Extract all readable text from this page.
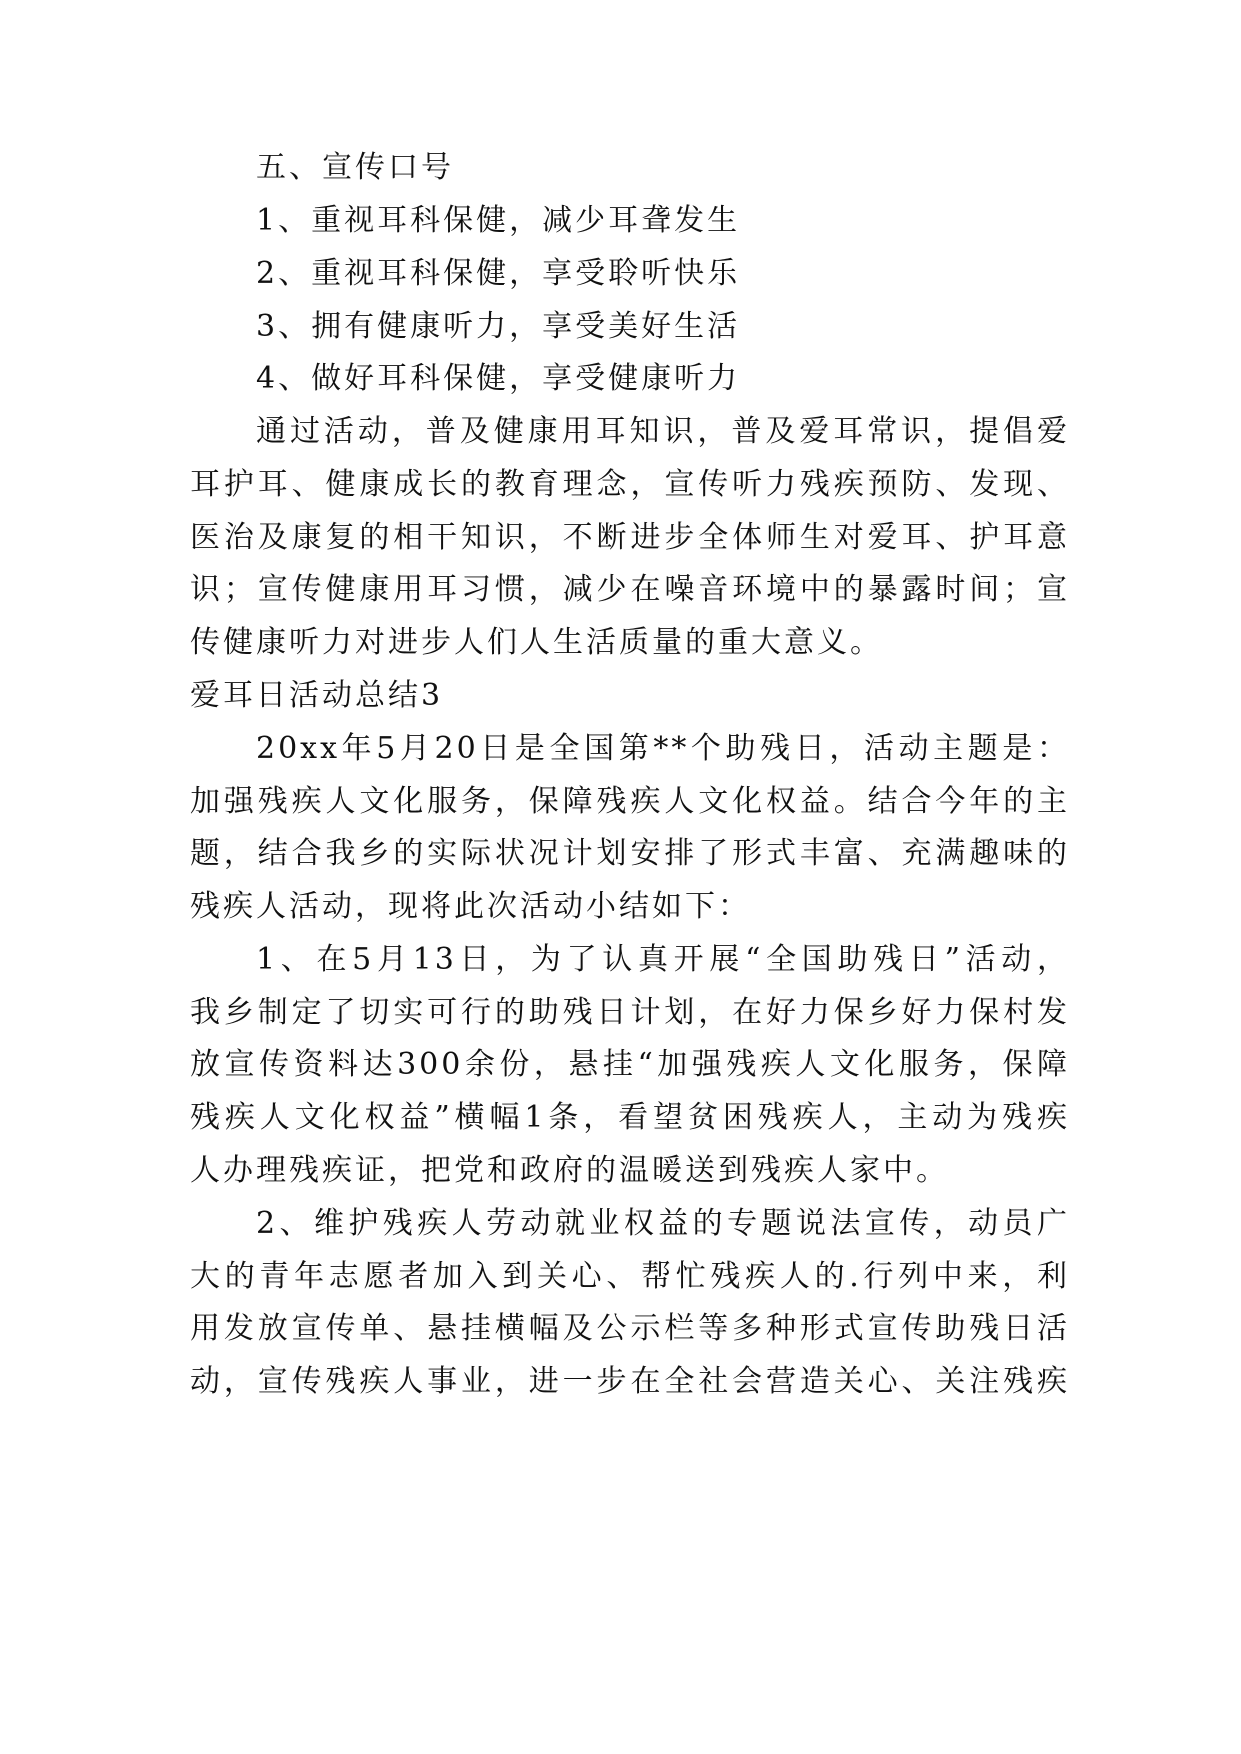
五、宣传口号
1、重视耳科保健，减少耳聋发生
2、重视耳科保健，享受聆听快乐
3、拥有健康听力，享受美好生活
4、做好耳科保健，享受健康听力
通过活动，普及健康用耳知识，普及爱耳常识，提倡爱
耳护耳、健康成长的教育理念，宣传听力残疾预防、发现、
医治及康复的相干知识，不断进步全体师生对爱耳、护耳意
识；宣传健康用耳习惯，减少在噪音环境中的暴露时间；宣
传健康听力对进步人们人生活质量的重大意义。
爱耳日活动总结3
20xx年5月20日是全国第**个助残日，活动主题是：
加强残疾人文化服务，保障残疾人文化权益。结合今年的主
题，结合我乡的实际状况计划安排了形式丰富、充满趣味的
残疾人活动，现将此次活动小结如下：
1、在5月13日，为了认真开展“全国助残日”活动，
我乡制定了切实可行的助残日计划，在好力保乡好力保村发
放宣传资料达300余份，悬挂“加强残疾人文化服务，保障
残疾人文化权益”横幅1条，看望贫困残疾人，主动为残疾
人办理残疾证，把党和政府的温暖送到残疾人家中。
2、维护残疾人劳动就业权益的专题说法宣传，动员广
大的青年志愿者加入到关心、帮忙残疾人的.行列中来，利
用发放宣传单、悬挂横幅及公示栏等多种形式宣传助残日活
动，宣传残疾人事业，进一步在全社会营造关心、关注残疾
